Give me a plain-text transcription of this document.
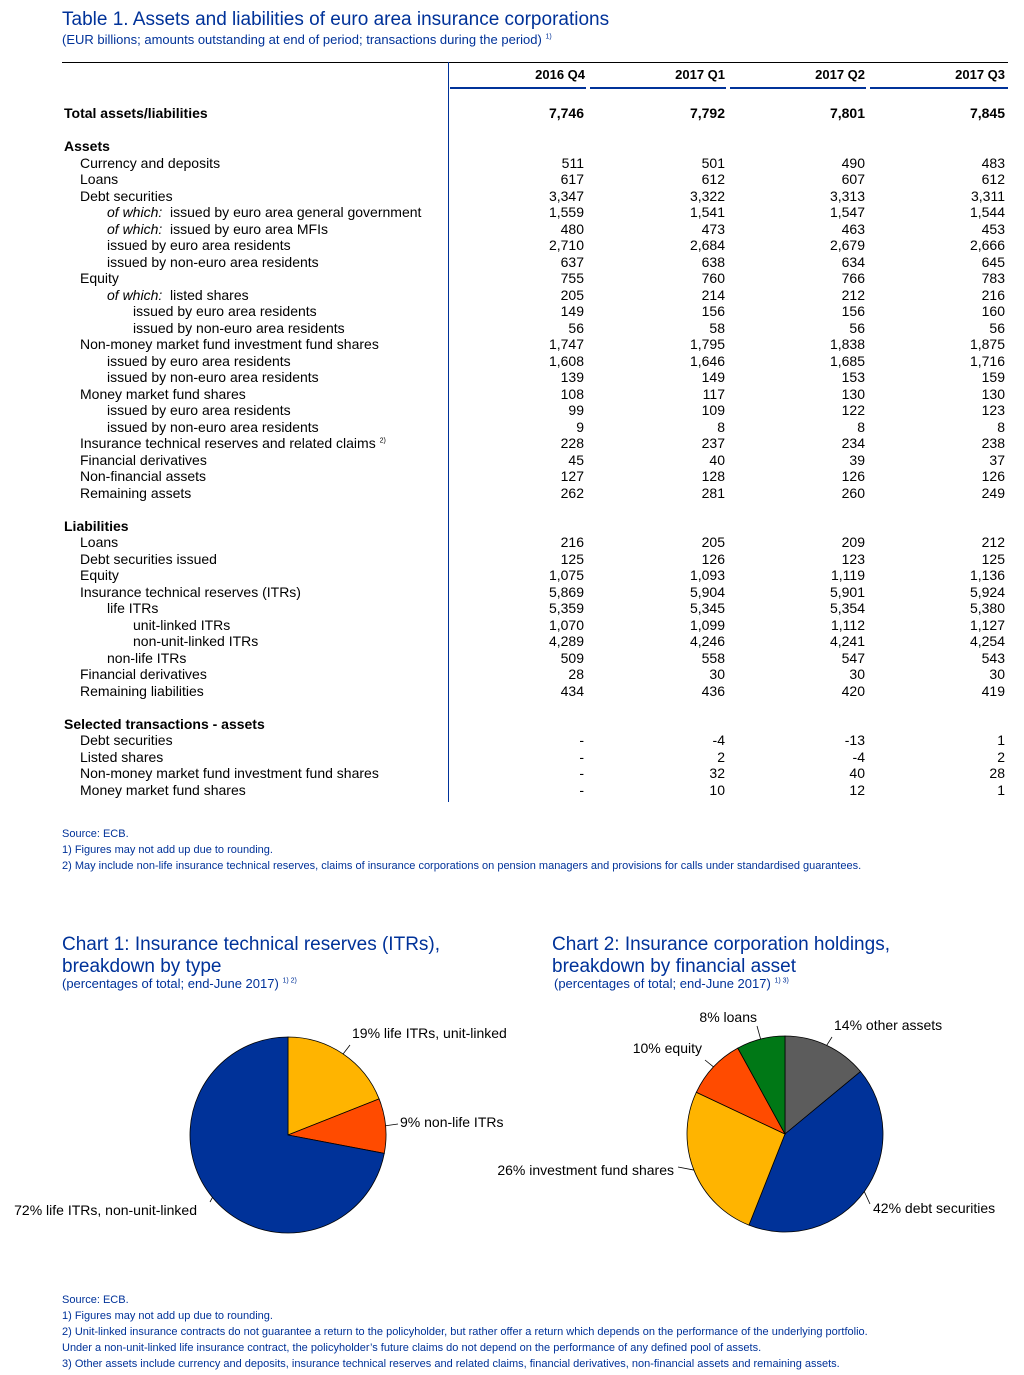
Table 1. Assets and liabilities of euro area insurance corporations
(EUR billions; amounts outstanding at end of period; transactions during the period) $^{1)}$
2016 Q4	2017 Q1	2017 Q2	2017 Q3
Total assets/liabilities	7,746	7,792	7,801	7,845
Assets
Currency and deposits	511	501	490	483
Loans	617	612	607	612
Debt securities	3,347	3,322	3,313	3,311
of which: issued by euro area general government	1,559	1,541	1,547	1,544
of which: issued by euro area MFIs	480	473	463	453
issued by euro area residents	2,710	2,684	2,679	2,666
issued by non-euro area residents	637	638	634	645
Equity	755	760	766	783
of which: listed shares	205	214	212	216
issued by euro area residents	149	156	156	160
issued by non-euro area residents	56	58	56	56
Non-money market fund investment fund shares	1,747	1,795	1,838	1,875
issued by euro area residents	1,608	1,646	1,685	1,716
issued by non-euro area residents	139	149	153	159
Money market fund shares	108	117	130	130
issued by euro area residents	99	109	122	123
issued by non-euro area residents	9	8	8	8
Insurance technical reserves and related claims $^{2)}$	228	237	234	238
Financial derivatives	45	40	39	37
Non-financial assets	127	128	126	126
Remaining assets	262	281	260	249
Liabilities
Loans	216	205	209	212
Debt securities issued	125	126	123	125
Equity	1,075	1,093	1,119	1,136
Insurance technical reserves (ITRs)	5,869	5,904	5,901	5,924
life ITRs	5,359	5,345	5,354	5,380
unit-linked ITRs	1,070	1,099	1,112	1,127
non-unit-linked ITRs	4,289	4,246	4,241	4,254
non-life ITRs	509	558	547	543
Financial derivatives	28	30	30	30
Remaining liabilities	434	436	420	419
Selected transactions - assets
Debt securities	-	-4	-13	1
Listed shares	-	2	-4	2
Non-money market fund investment fund shares	-	32	40	28
Money market fund shares	-	10	12	1
Source: ECB.
1) Figures may not add up due to rounding.
2) May include non-life insurance technical reserves, claims of insurance corporations on pension managers and provisions for calls under standardised guarantees.
Chart 1: Insurance technical reserves (ITRs),
breakdown by type
(percentages of total; end-June 2017) $^{1) 2)}$
Chart 2: Insurance corporation holdings,
breakdown by financial asset
(percentages of total; end-June 2017) $^{1) 3)}$
19% life ITRs, unit-linked
9% non-life ITRs
72% life ITRs, non-unit-linked
14% other assets
42% debt securities
26% investment fund shares
10% equity
8% loans
Source: ECB.
1) Figures may not add up due to rounding.
2) Unit-linked insurance contracts do not guarantee a return to the policyholder, but rather offer a return which depends on the performance of the underlying portfolio.
Under a non-unit-linked life insurance contract, the policyholder’s future claims do not depend on the performance of any defined pool of assets.
3) Other assets include currency and deposits, insurance technical reserves and related claims, financial derivatives, non-financial assets and remaining assets.
